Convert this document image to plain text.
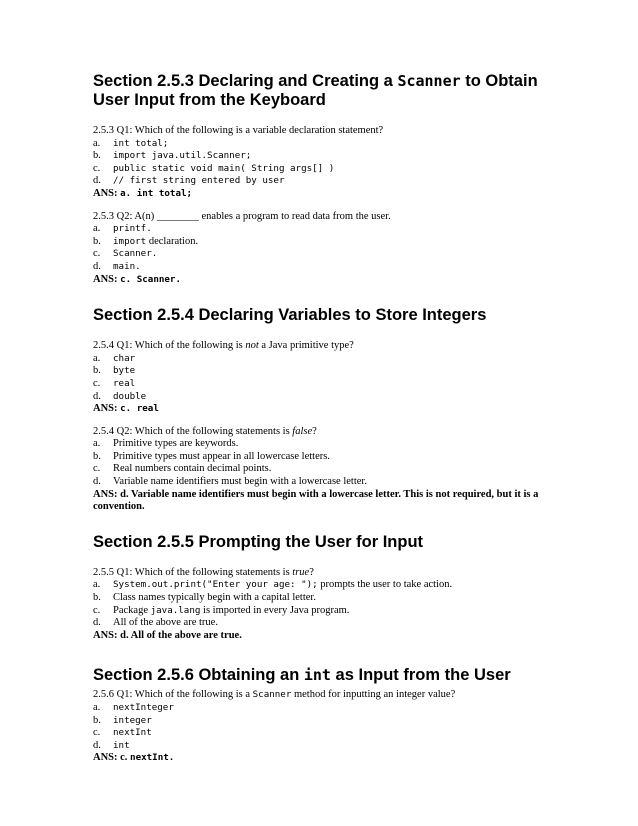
Section 2.5.3 Declaring and Creating a Scanner to Obtain User Input from the Keyboard

2.5.3 Q1: Which of the following is a variable declaration statement?
a.	int total;
b.	import java.util.Scanner;
c.	public static void main( String args[] )
d.	// first string entered by user
ANS: a. int total;
2.5.3 Q2: A(n) ________ enables a program to read data from the user.
a.	printf.
b.	import declaration.
c.	Scanner.
d.	main.
ANS: c. Scanner.

Section 2.5.4 Declaring Variables to Store Integers

2.5.4 Q1: Which of the following is not a Java primitive type?
a.	char
b.	byte
c.	real
d.	double
ANS: c. real
2.5.4 Q2: Which of the following statements is false?
a.	Primitive types are keywords.
b.	Primitive types must appear in all lowercase letters.
c.	Real numbers contain decimal points.
d.	Variable name identifiers must begin with a lowercase letter.
ANS: d. Variable name identifiers must begin with a lowercase letter. This is not required, but it is a convention.

Section 2.5.5 Prompting the User for Input

2.5.5 Q1: Which of the following statements is true?
a.	System.out.print("Enter your age: "); prompts the user to take action.
b.	Class names typically begin with a capital letter.
c.	Package java.lang is imported in every Java program.
d.	All of the above are true.
ANS: d. All of the above are true.

Section 2.5.6 Obtaining an int as Input from the User

2.5.6 Q1: Which of the following is a Scanner method for inputting an integer value?
a.	nextInteger
b.	integer
c.	nextInt
d.	int
ANS: c. nextInt.
